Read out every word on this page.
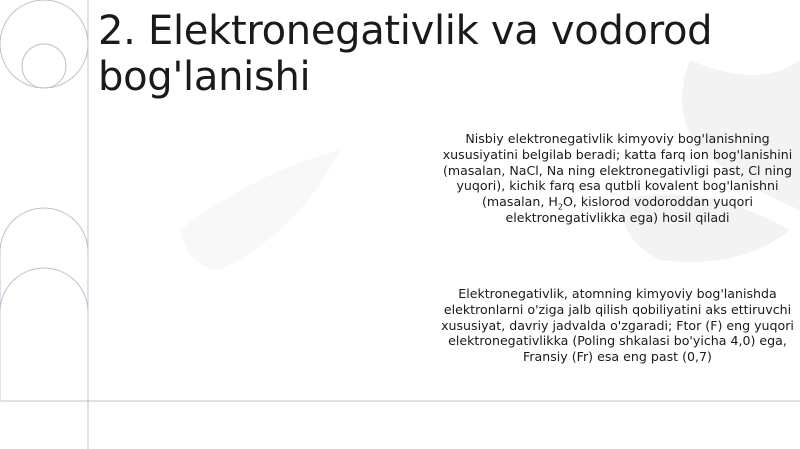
2. Elektronegativlik va vodorod bog'lanishi

Nisbiy elektronegativlik kimyoviy bog'lanishning xususiyatini belgilab beradi; katta farq ion bog'lanishini (masalan, NaCl, Na ning elektronegativligi past, Cl ning yuqori), kichik farq esa qutbli kovalent bog'lanishni (masalan, $H_2O$, kislorod vodoroddan yuqori elektronegativlikka ega) hosil qiladi

Elektronegativlik, atomning kimyoviy bog'lanishda elektronlarni o'ziga jalb qilish qobiliyatini aks ettiruvchi xususiyat, davriy jadvalda o'zgaradi; Ftor (F) eng yuqori elektronegativlikka (Poling shkalasi bo'yicha 4,0) ega, Fransiy (Fr) esa eng past (0,7)
